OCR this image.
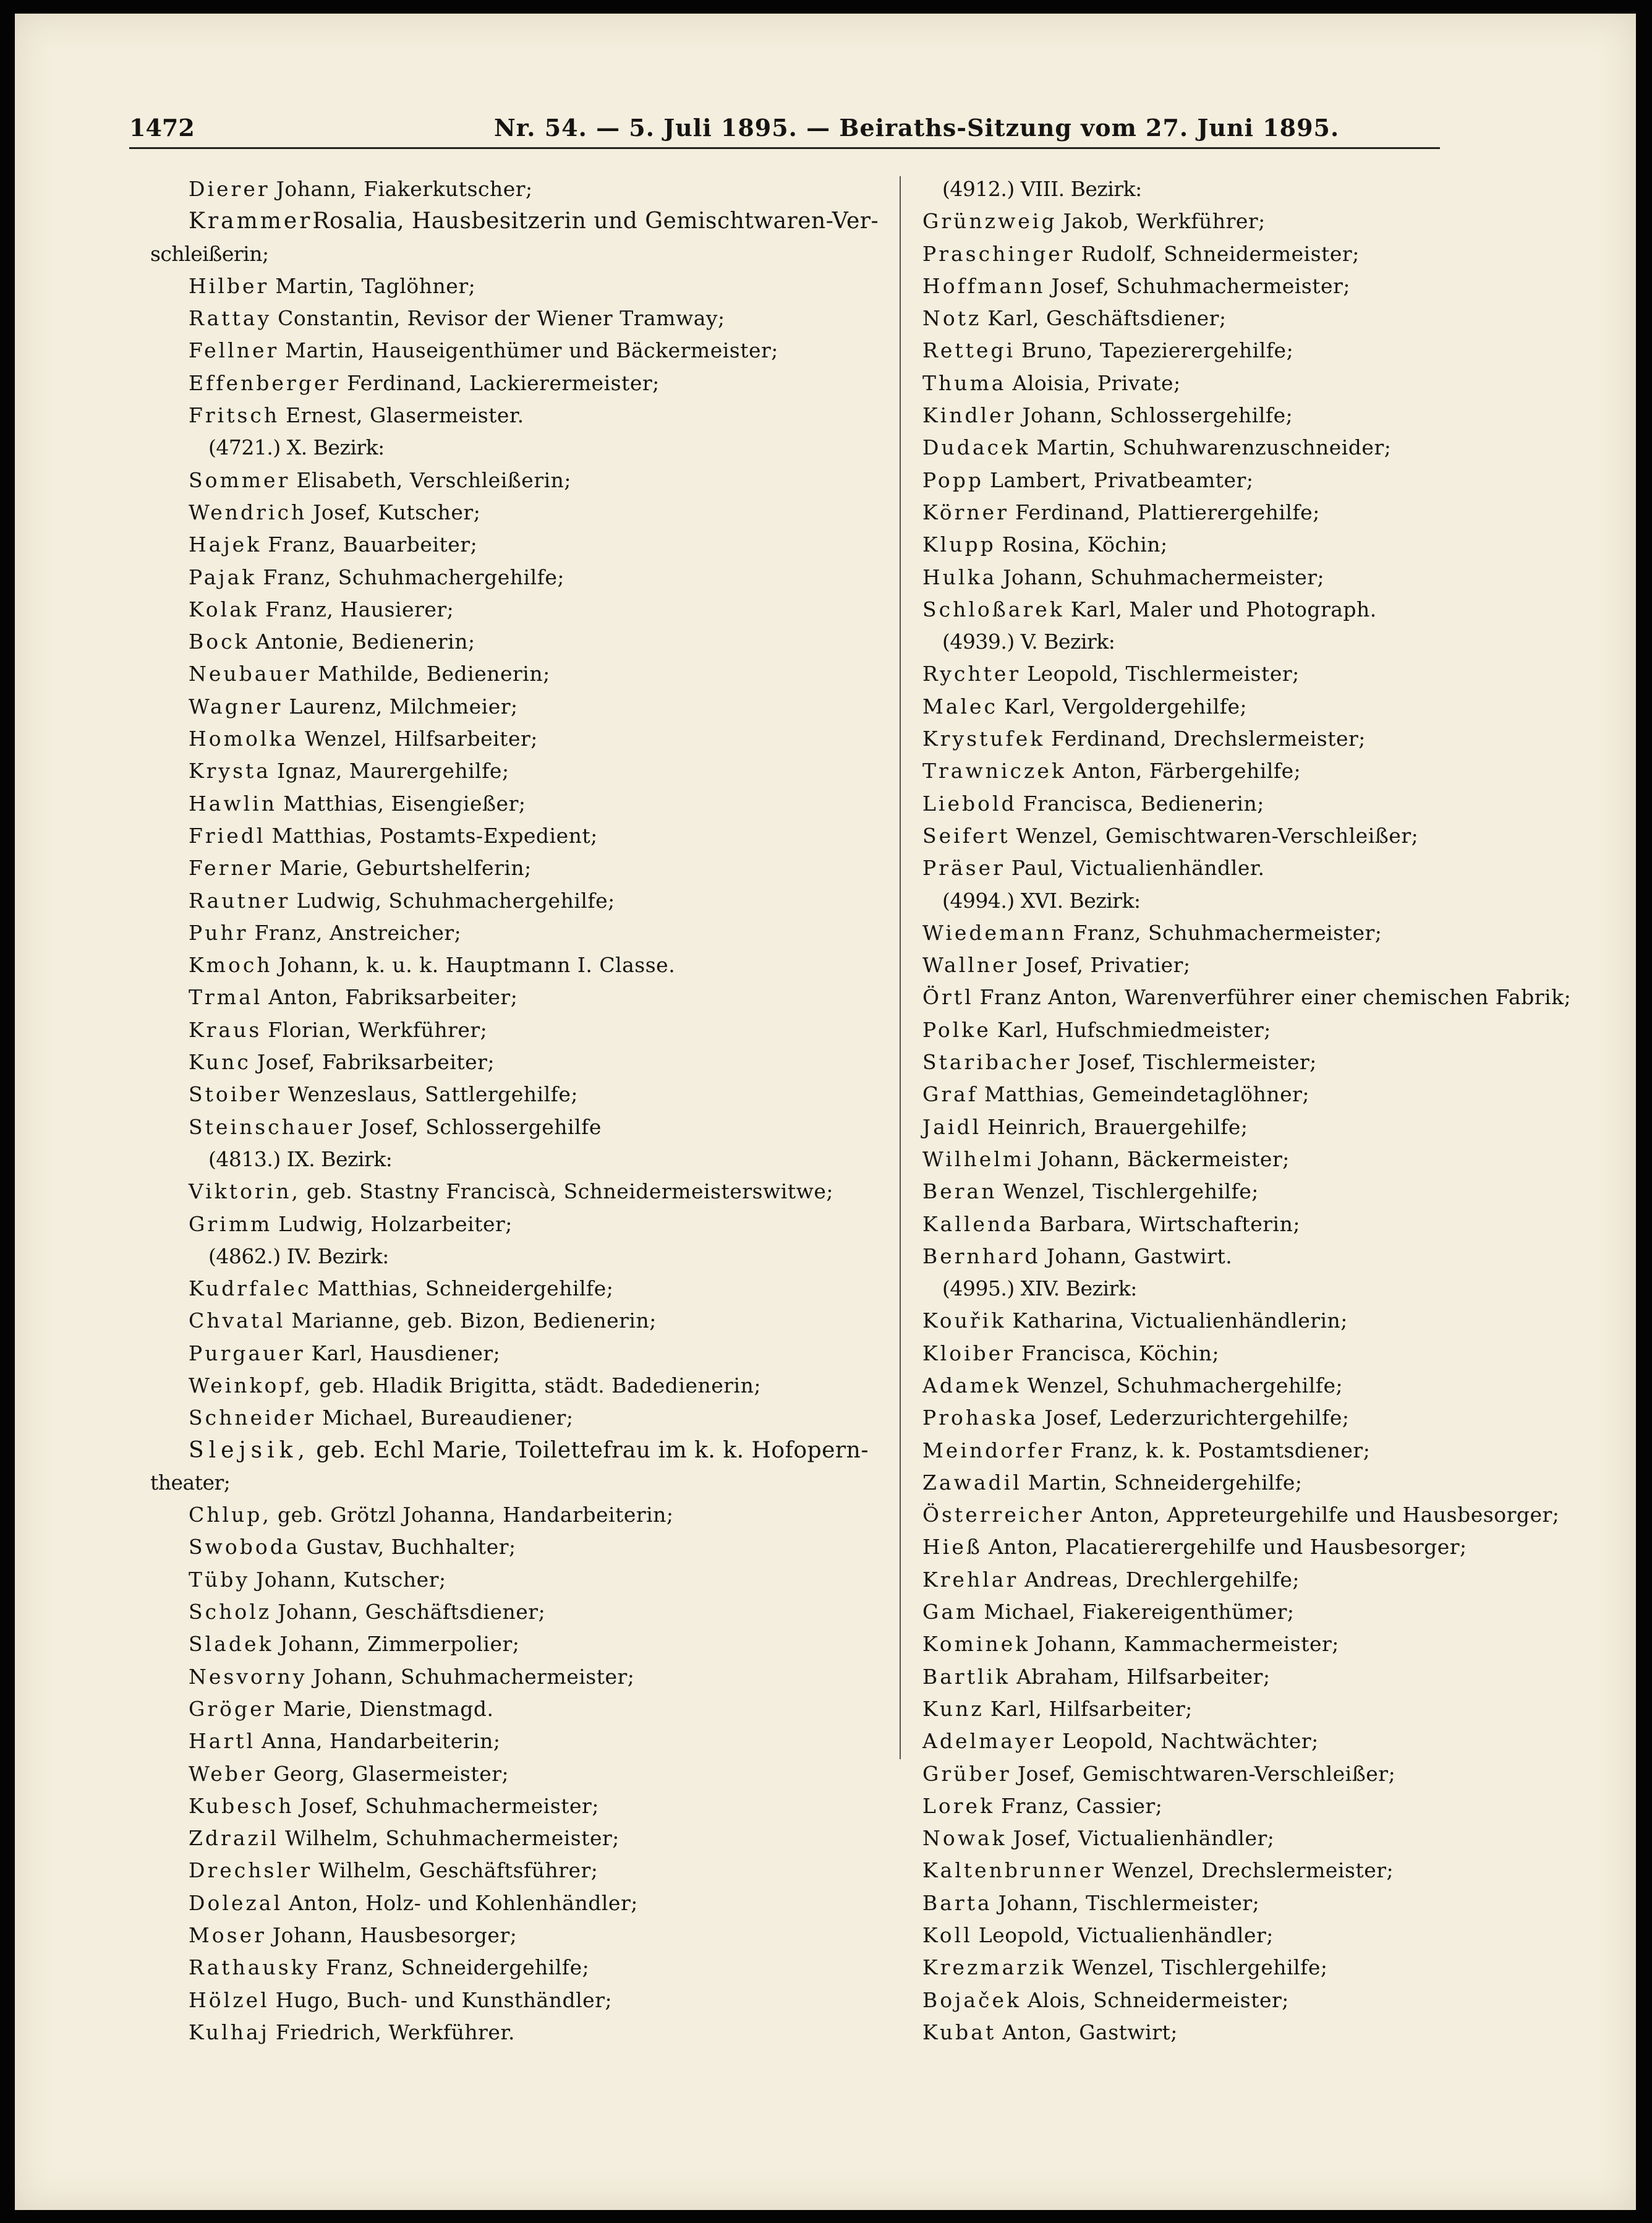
1472	Nr. 54. — 5. Juli 1895. — Beiraths-Sitzung vom 27. Juni 1895.
Dierer Johann, Fiakerkutscher;
Krammer Rosalia, Hausbesitzerin und Gemischtwaren-Ver-
schleißerin;
Hilber Martin, Taglöhner;
Rattay Constantin, Revisor der Wiener Tramway;
Fellner Martin, Hauseigenthümer und Bäckermeister;
Effenberger Ferdinand, Lackierermeister;
Fritsch Ernest, Glasermeister.
(4721.) X. Bezirk:
Sommer Elisabeth, Verschleißerin;
Wendrich Josef, Kutscher;
Hajek Franz, Bauarbeiter;
Pajak Franz, Schuhmachergehilfe;
Kolak Franz, Hausierer;
Bock Antonie, Bedienerin;
Neubauer Mathilde, Bedienerin;
Wagner Laurenz, Milchmeier;
Homolka Wenzel, Hilfsarbeiter;
Krysta Ignaz, Maurergehilfe;
Hawlin Matthias, Eisengießer;
Friedl Matthias, Postamts-Expedient;
Ferner Marie, Geburtshelferin;
Rautner Ludwig, Schuhmachergehilfe;
Puhr Franz, Anstreicher;
Kmoch Johann, k. u. k. Hauptmann I. Classe.
Trmal Anton, Fabriksarbeiter;
Kraus Florian, Werkführer;
Kunc Josef, Fabriksarbeiter;
Stoiber Wenzeslaus, Sattlergehilfe;
Steinschauer Josef, Schlossergehilfe
(4813.) IX. Bezirk:
Viktorin, geb. Stastny Franciscà, Schneidermeisterswitwe;
Grimm Ludwig, Holzarbeiter;
(4862.) IV. Bezirk:
Kudrfalec Matthias, Schneidergehilfe;
Chvatal Marianne, geb. Bizon, Bedienerin;
Purgauer Karl, Hausdiener;
Weinkopf, geb. Hladik Brigitta, städt. Badedienerin;
Schneider Michael, Bureaudiener;
Slejsik, geb. Echl Marie, Toilettefrau im k. k. Hofopern-
theater;
Chlup, geb. Grötzl Johanna, Handarbeiterin;
Swoboda Gustav, Buchhalter;
Tüby Johann, Kutscher;
Scholz Johann, Geschäftsdiener;
Sladek Johann, Zimmerpolier;
Nesvorny Johann, Schuhmachermeister;
Gröger Marie, Dienstmagd.
Hartl Anna, Handarbeiterin;
Weber Georg, Glasermeister;
Kubesch Josef, Schuhmachermeister;
Zdrazil Wilhelm, Schuhmachermeister;
Drechsler Wilhelm, Geschäftsführer;
Dolezal Anton, Holz- und Kohlenhändler;
Moser Johann, Hausbesorger;
Rathausky Franz, Schneidergehilfe;
Hölzel Hugo, Buch- und Kunsthändler;
Kulhaj Friedrich, Werkführer.
(4912.) VIII. Bezirk:
Grünzweig Jakob, Werkführer;
Praschinger Rudolf, Schneidermeister;
Hoffmann Josef, Schuhmachermeister;
Notz Karl, Geschäftsdiener;
Rettegi Bruno, Tapezierergehilfe;
Thuma Aloisia, Private;
Kindler Johann, Schlossergehilfe;
Dudacek Martin, Schuhwarenzuschneider;
Popp Lambert, Privatbeamter;
Körner Ferdinand, Plattierergehilfe;
Klupp Rosina, Köchin;
Hulka Johann, Schuhmachermeister;
Schloßarek Karl, Maler und Photograph.
(4939.) V. Bezirk:
Rychter Leopold, Tischlermeister;
Malec Karl, Vergoldergehilfe;
Krystufek Ferdinand, Drechslermeister;
Trawniczek Anton, Färbergehilfe;
Liebold Francisca, Bedienerin;
Seifert Wenzel, Gemischtwaren-Verschleißer;
Präser Paul, Victualienhändler.
(4994.) XVI. Bezirk:
Wiedemann Franz, Schuhmachermeister;
Wallner Josef, Privatier;
Örtl Franz Anton, Warenverführer einer chemischen Fabrik;
Polke Karl, Hufschmiedmeister;
Staribacher Josef, Tischlermeister;
Graf Matthias, Gemeindetaglöhner;
Jaidl Heinrich, Brauergehilfe;
Wilhelmi Johann, Bäckermeister;
Beran Wenzel, Tischlergehilfe;
Kallenda Barbara, Wirtschafterin;
Bernhard Johann, Gastwirt.
(4995.) XIV. Bezirk:
Kouřik Katharina, Victualienhändlerin;
Kloiber Francisca, Köchin;
Adamek Wenzel, Schuhmachergehilfe;
Prohaska Josef, Lederzurichtergehilfe;
Meindorfer Franz, k. k. Postamtsdiener;
Zawadil Martin, Schneidergehilfe;
Österreicher Anton, Appreteurgehilfe und Hausbesorger;
Hieß Anton, Placatierergehilfe und Hausbesorger;
Krehlar Andreas, Drechlergehilfe;
Gam Michael, Fiakereigenthümer;
Kominek Johann, Kammachermeister;
Bartlik Abraham, Hilfsarbeiter;
Kunz Karl, Hilfsarbeiter;
Adelmayer Leopold, Nachtwächter;
Grüber Josef, Gemischtwaren-Verschleißer;
Lorek Franz, Cassier;
Nowak Josef, Victualienhändler;
Kaltenbrunner Wenzel, Drechslermeister;
Barta Johann, Tischlermeister;
Koll Leopold, Victualienhändler;
Krezmarzik Wenzel, Tischlergehilfe;
Bojaček Alois, Schneidermeister;
Kubat Anton, Gastwirt;
